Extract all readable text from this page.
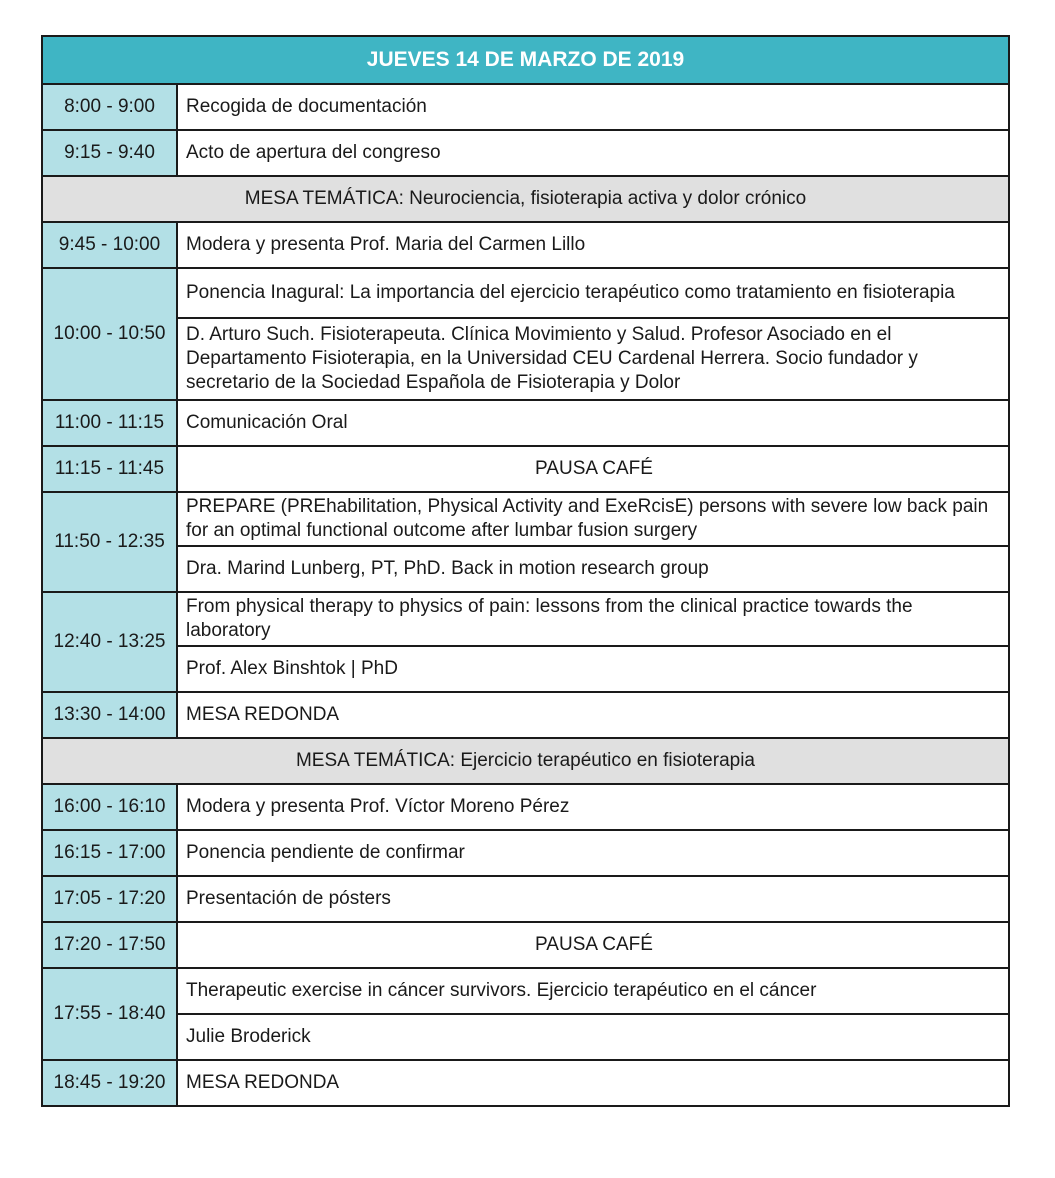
JUEVES 14 DE MARZO DE 2019	
8:00 - 9:00	Recogida de documentación
9:15 - 9:40	Acto de apertura del congreso
MESA TEMÁTICA: Neurociencia, fisioterapia activa y dolor crónico	
9:45 - 10:00	Modera y presenta Prof. Maria del Carmen Lillo
10:00 - 10:50	Ponencia Inagural: La importancia del ejercicio terapéutico como tratamiento en fisioterapia
	D. Arturo Such. Fisioterapeuta. Clínica Movimiento y Salud. Profesor Asociado en el Departamento Fisioterapia, en la Universidad CEU Cardenal Herrera. Socio fundador y secretario de la Sociedad Española de Fisioterapia y Dolor
11:00 - 11:15	Comunicación Oral
11:15 - 11:45	PAUSA CAFÉ
11:50 - 12:35	PREPARE (PREhabilitation, Physical Activity and ExeRcisE) persons with severe low back pain for an optimal functional outcome after lumbar fusion surgery
	Dra. Marind Lunberg, PT, PhD. Back in motion research group
12:40 - 13:25	From physical therapy to physics of pain: lessons from the clinical practice towards the laboratory
	Prof. Alex Binshtok | PhD
13:30 - 14:00	MESA REDONDA
MESA TEMÁTICA: Ejercicio terapéutico en fisioterapia	
16:00 - 16:10	Modera y presenta Prof. Víctor Moreno Pérez
16:15 - 17:00	Ponencia pendiente de confirmar
17:05 - 17:20	Presentación de pósters
17:20 - 17:50	PAUSA CAFÉ
17:55 - 18:40	Therapeutic exercise in cáncer survivors. Ejercicio terapéutico en el cáncer
	Julie Broderick
18:45 - 19:20	MESA REDONDA
